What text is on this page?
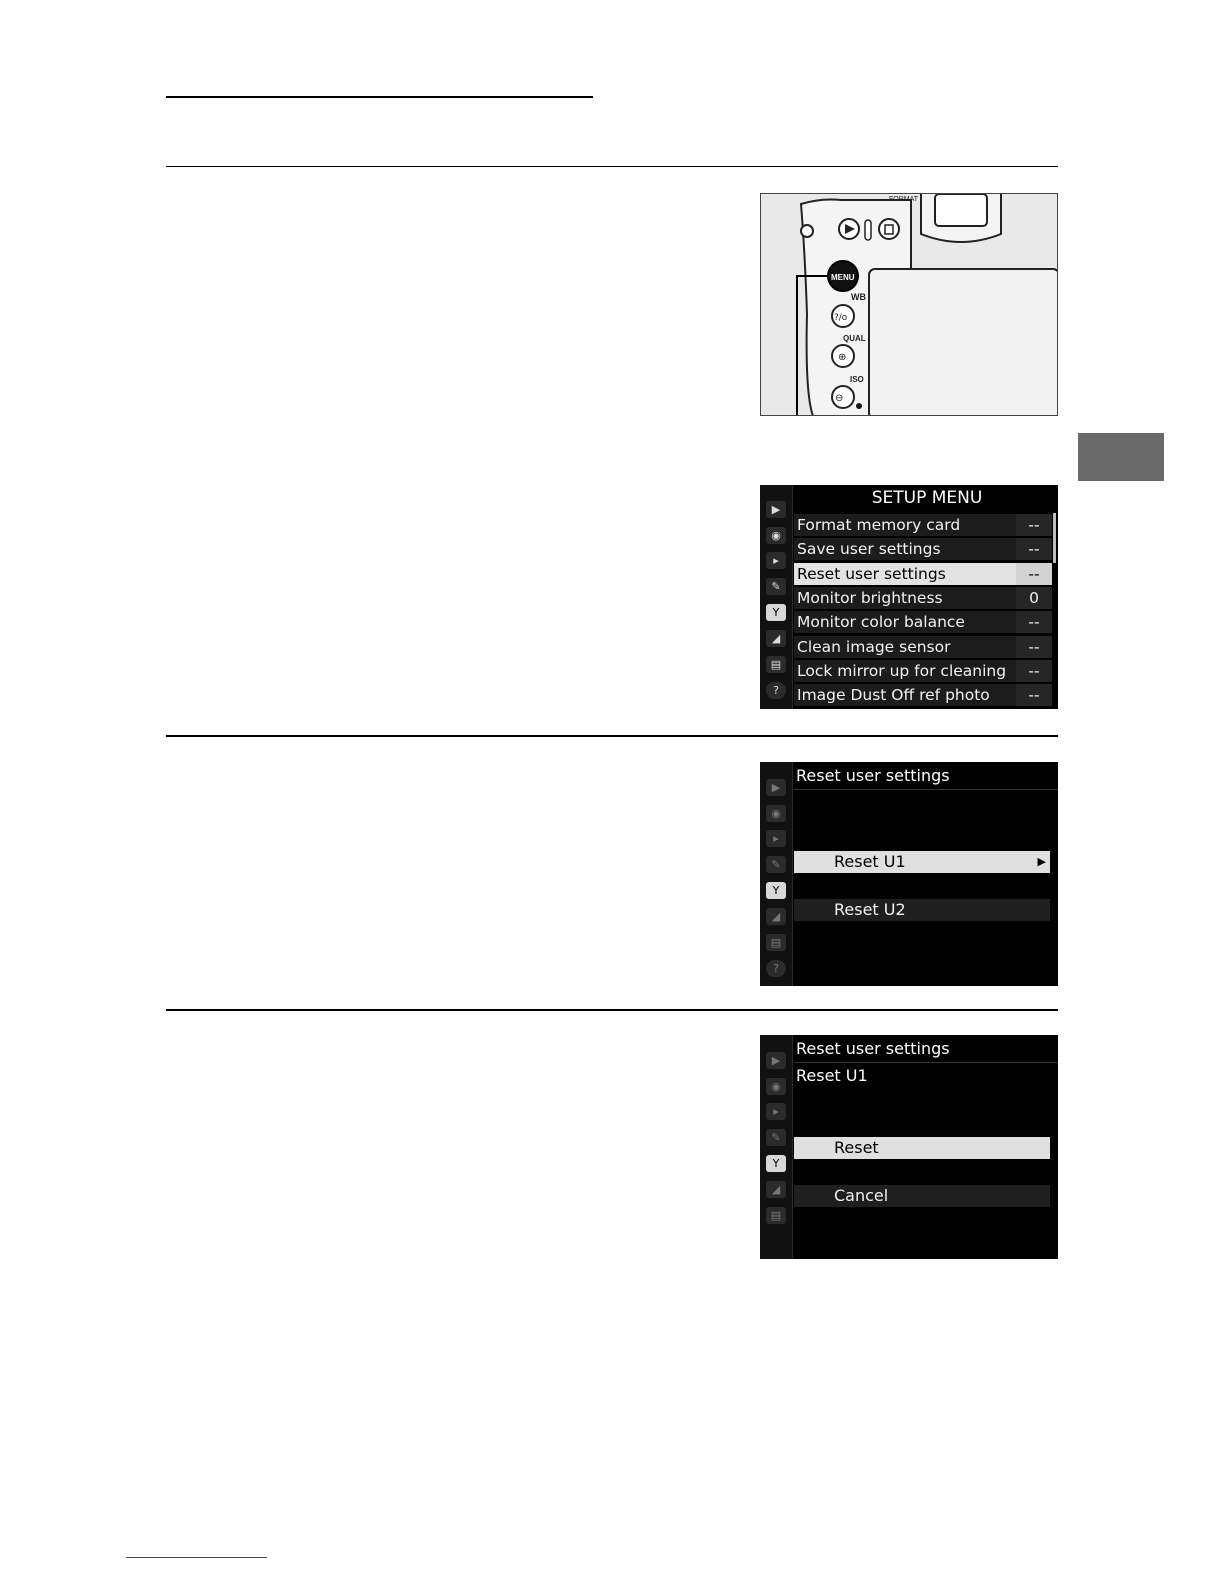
FORMAT
MENU
WB
QUAL
ISO
?/o
⊕
⊖
▶
◉
▸
✎
Y
◢
▤
?
SETUP MENU
Format memory card	--
Save user settings	--
Reset user settings	--
Monitor brightness	0
Monitor color balance	--
Clean image sensor	--
Lock mirror up for cleaning	--
Image Dust Off ref photo	--
▶
◉
▸
✎
Y
◢
▤
?
Reset user settings
Reset U1	▶
Reset U2
▶
◉
▸
✎
Y
◢
▤
Reset user settings
Reset U1
Reset
Cancel
